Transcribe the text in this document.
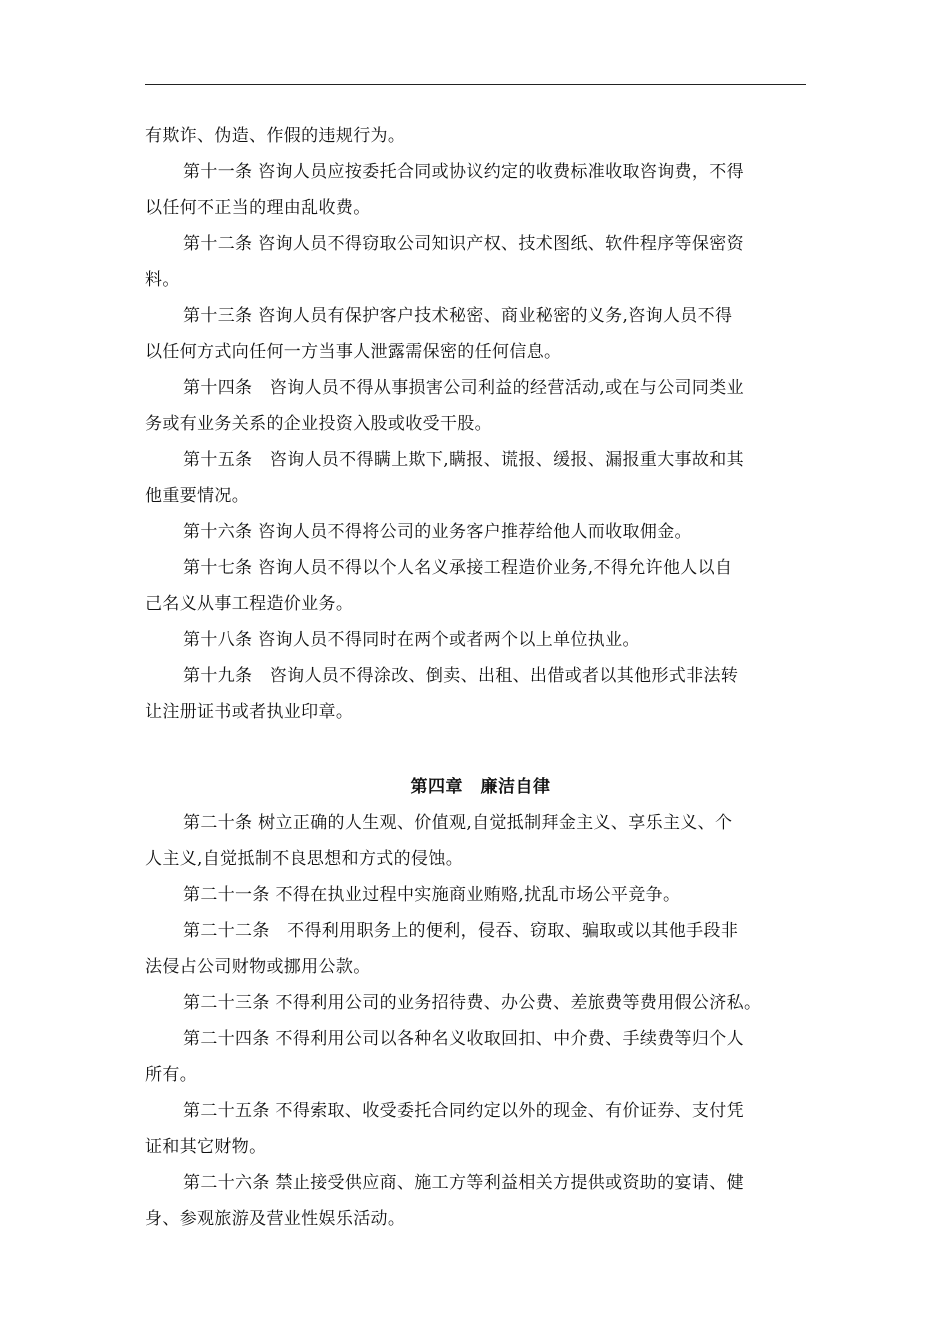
有欺诈、伪造、作假的违规行为。
第十一条 咨询人员应按委托合同或协议约定的收费标准收取咨询费，不得
以任何不正当的理由乱收费。
第十二条 咨询人员不得窃取公司知识产权、技术图纸、软件程序等保密资
料。
第十三条 咨询人员有保护客户技术秘密、商业秘密的义务,咨询人员不得
以任何方式向任何一方当事人泄露需保密的任何信息。
第十四条　咨询人员不得从事损害公司利益的经营活动,或在与公司同类业
务或有业务关系的企业投资入股或收受干股。
第十五条　咨询人员不得瞒上欺下,瞒报、谎报、缓报、漏报重大事故和其
他重要情况。
第十六条 咨询人员不得将公司的业务客户推荐给他人而收取佣金。
第十七条 咨询人员不得以个人名义承接工程造价业务,不得允许他人以自
己名义从事工程造价业务。
第十八条 咨询人员不得同时在两个或者两个以上单位执业。
第十九条　咨询人员不得涂改、倒卖、出租、出借或者以其他形式非法转
让注册证书或者执业印章。
第四章　廉洁自律
第二十条 树立正确的人生观、价值观,自觉抵制拜金主义、享乐主义、个
人主义,自觉抵制不良思想和方式的侵蚀。
第二十一条 不得在执业过程中实施商业贿赂,扰乱市场公平竞争。
第二十二条　不得利用职务上的便利，侵吞、窃取、骗取或以其他手段非
法侵占公司财物或挪用公款。
第二十三条 不得利用公司的业务招待费、办公费、差旅费等费用假公济私。
第二十四条 不得利用公司以各种名义收取回扣、中介费、手续费等归个人
所有。
第二十五条 不得索取、收受委托合同约定以外的现金、有价证券、支付凭
证和其它财物。
第二十六条 禁止接受供应商、施工方等利益相关方提供或资助的宴请、健
身、参观旅游及营业性娱乐活动。
